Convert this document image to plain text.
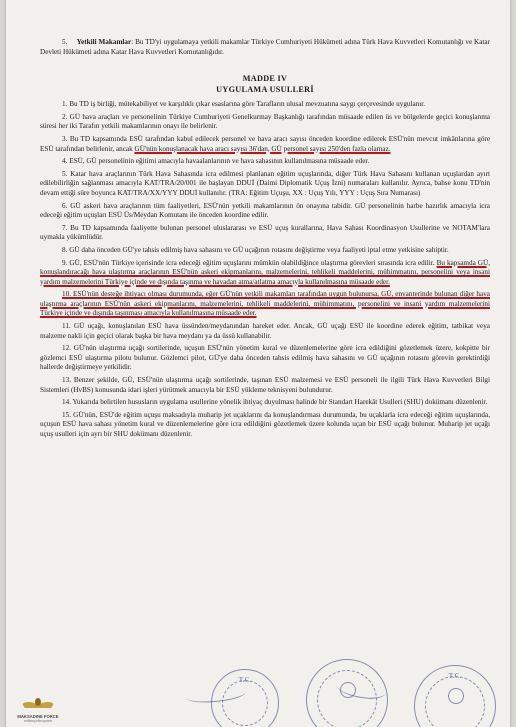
5. Yetkili Makamlar: Bu TD'yi uygulamaya yetkili makamlar Türkiye Cumhuriyeti Hükümeti adına Türk Hava Kuvvetleri Komutanlığı ve Katar Devleti Hükümeti adına Katar Hava Kuvvetleri Komutanlığıdır.

MADDE IV
UYGULAMA USULLERİ

1. Bu TD iş birliği, mütekabiliyet ve karşılıklı çıkar esaslarına göre Tarafların ulusal mevzuatına saygı çerçevesinde uygulanır.

2. GÜ hava araçları ve personelinin Türkiye Cumhuriyeti Genelkurmay Başkanlığı tarafından müsaade edilen üs ve bölgelerde geçici konuşlanma süresi her iki Tarafın yetkili makamlarının onayı ile belirlenir.

3. Bu TD kapsamında ESÜ tarafından kabul edilecek personel ve hava aracı sayısı önceden koordine edilerek ESÜ'nün mevcut imkânlarına göre ESÜ tarafından belirlenir, ancak GÜ'nün konuşlanacak hava aracı sayısı 36'dan, GÜ personel sayısı 250'den fazla olamaz.

4. ESÜ, GÜ personelinin eğitimi amacıyla havaalanlarının ve hava sahasının kullanılmasına müsaade eder.

5. Katar hava araçlarının Türk Hava Sahasında icra edilmesi planlanan eğitim uçuşlarında, diğer Türk Hava Sahasını kullanan uçuşlardan ayırt edilebilirliğin sağlanması amacıyla KAT/TRA/20/001 ile başlayan DDUİ (Daimi Diplomatik Uçuş İzni) numaraları kullanılır. Ayrıca, bahse konu TD'nin devam ettiği süre boyunca KAT/TRA/XX/YYY DDUİ kullanılır. (TRA: Eğitim Uçuşu, XX : Uçuş Yılı, YYY : Uçuş Sıra Numarası)

6. GÜ askeri hava araçlarının tüm faaliyetleri, ESÜ'nün yetkili makamlarının ön onayına tabidir. GÜ personelinin harbe hazırlık amacıyla icra edeceği eğitim uçuşları ESÜ Üs/Meydan Komutanı ile önceden koordine edilir.

7. Bu TD kapsamında faaliyette bulunan personel uluslararası ve ESÜ uçuş kurallarına, Hava Sahası Koordinasyon Usullerine ve NOTAM'lara uymakla yükümlüdür.

8. GÜ daha önceden GÜ'ye tahsis edilmiş hava sahasını ve GÜ uçağının rotasını değiştirme veya faaliyeti iptal etme yetkisine sahiptir.

9. GÜ, ESÜ'nün Türkiye içerisinde icra edeceği eğitim uçuşlarını mümkün olabildiğince ulaştırma görevleri sırasında icra edilir. Bu kapsamda GÜ, konuşlandıracağı hava ulaştırma araçlarının ESÜ'nün askeri ekipmanlarını, malzemelerini, tehlikeli maddelerini, mühimmatını, personelini veya insani yardım malzemelerini Türkiye içinde ve dışında taşınma ve havadan atma/atlatma amacıyla kullanılmasına müsaade eder.

10. ESÜ'nün desteğe ihtiyacı olması durumunda, eğer GÜ'nün yetkili makamları tarafından uygun bulunursa, GÜ, envanterinde bulunan diğer hava ulaştırma araçlarının ESÜ'nün askeri ekipmanlarını, malzemelerini, tehlikeli maddelerini, mühimmatını, personelini ve insani yardım malzemelerini Türkiye içinde ve dışında taşınması amacıyla kullanılmasına müsaade eder.

11. GÜ uçağı, konuşlanılan ESÜ hava üssünden/meydanından hareket eder. Ancak, GÜ uçağı ESÜ ile koordine ederek eğitim, tatbikat veya malzeme nakli için geçici olarak başka bir hava meydanı ya da üssü kullanabilir.

12. GÜ'nün ulaştırma uçağı sortilerinde, uçuşun ESÜ'nün yönetim kural ve düzenlemelerine göre icra edildiğini gözetlemek üzere, kokpitte bir gözlemci ESÜ ulaştırma pilotu bulunur. Gözlemci pilot, GÜ'ye daha önceden tahsis edilmiş hava sahasını ve GÜ uçağının rotasını görevin gerektirdiği hallerde değiştirmeye yetkilidir.

13. Benzer şekilde, GÜ, ESÜ'nün ulaştırma uçağı sortilerinde, taşınan ESÜ malzemesi ve ESÜ personeli ile ilgili Türk Hava Kuvvetleri Bilgi Sistemleri (HvBS) konusunda idari işleri yürütmek amacıyla bir ESÜ yükleme teknisyeni bulundurur.

14. Yukarıda belirtilen hususların uygulama usullerine yönelik ihtiyaç duyulması halinde bir Standart Harekât Usulleri (SHU) dokümanı düzenlenir.

15. GÜ'nün, ESÜ'de eğitim uçuşu maksadıyla muharip jet uçaklarını da konuşlandırması durumunda, bu uçaklarla icra edeceği eğitim uçuşlarında, uçuşun ESÜ hava sahası yönetim kural ve düzenlemelerine göre icra edildiğini gözetlemek üzere kolunda uçan bir ESÜ uçağı bulunur. Muharip jet uçağı uçuş usulleri için ayrı bir SHU dokümanı düzenlenir.

T.C.	T.C.
MAKSADINE FORCE
militaryoftroyweb
